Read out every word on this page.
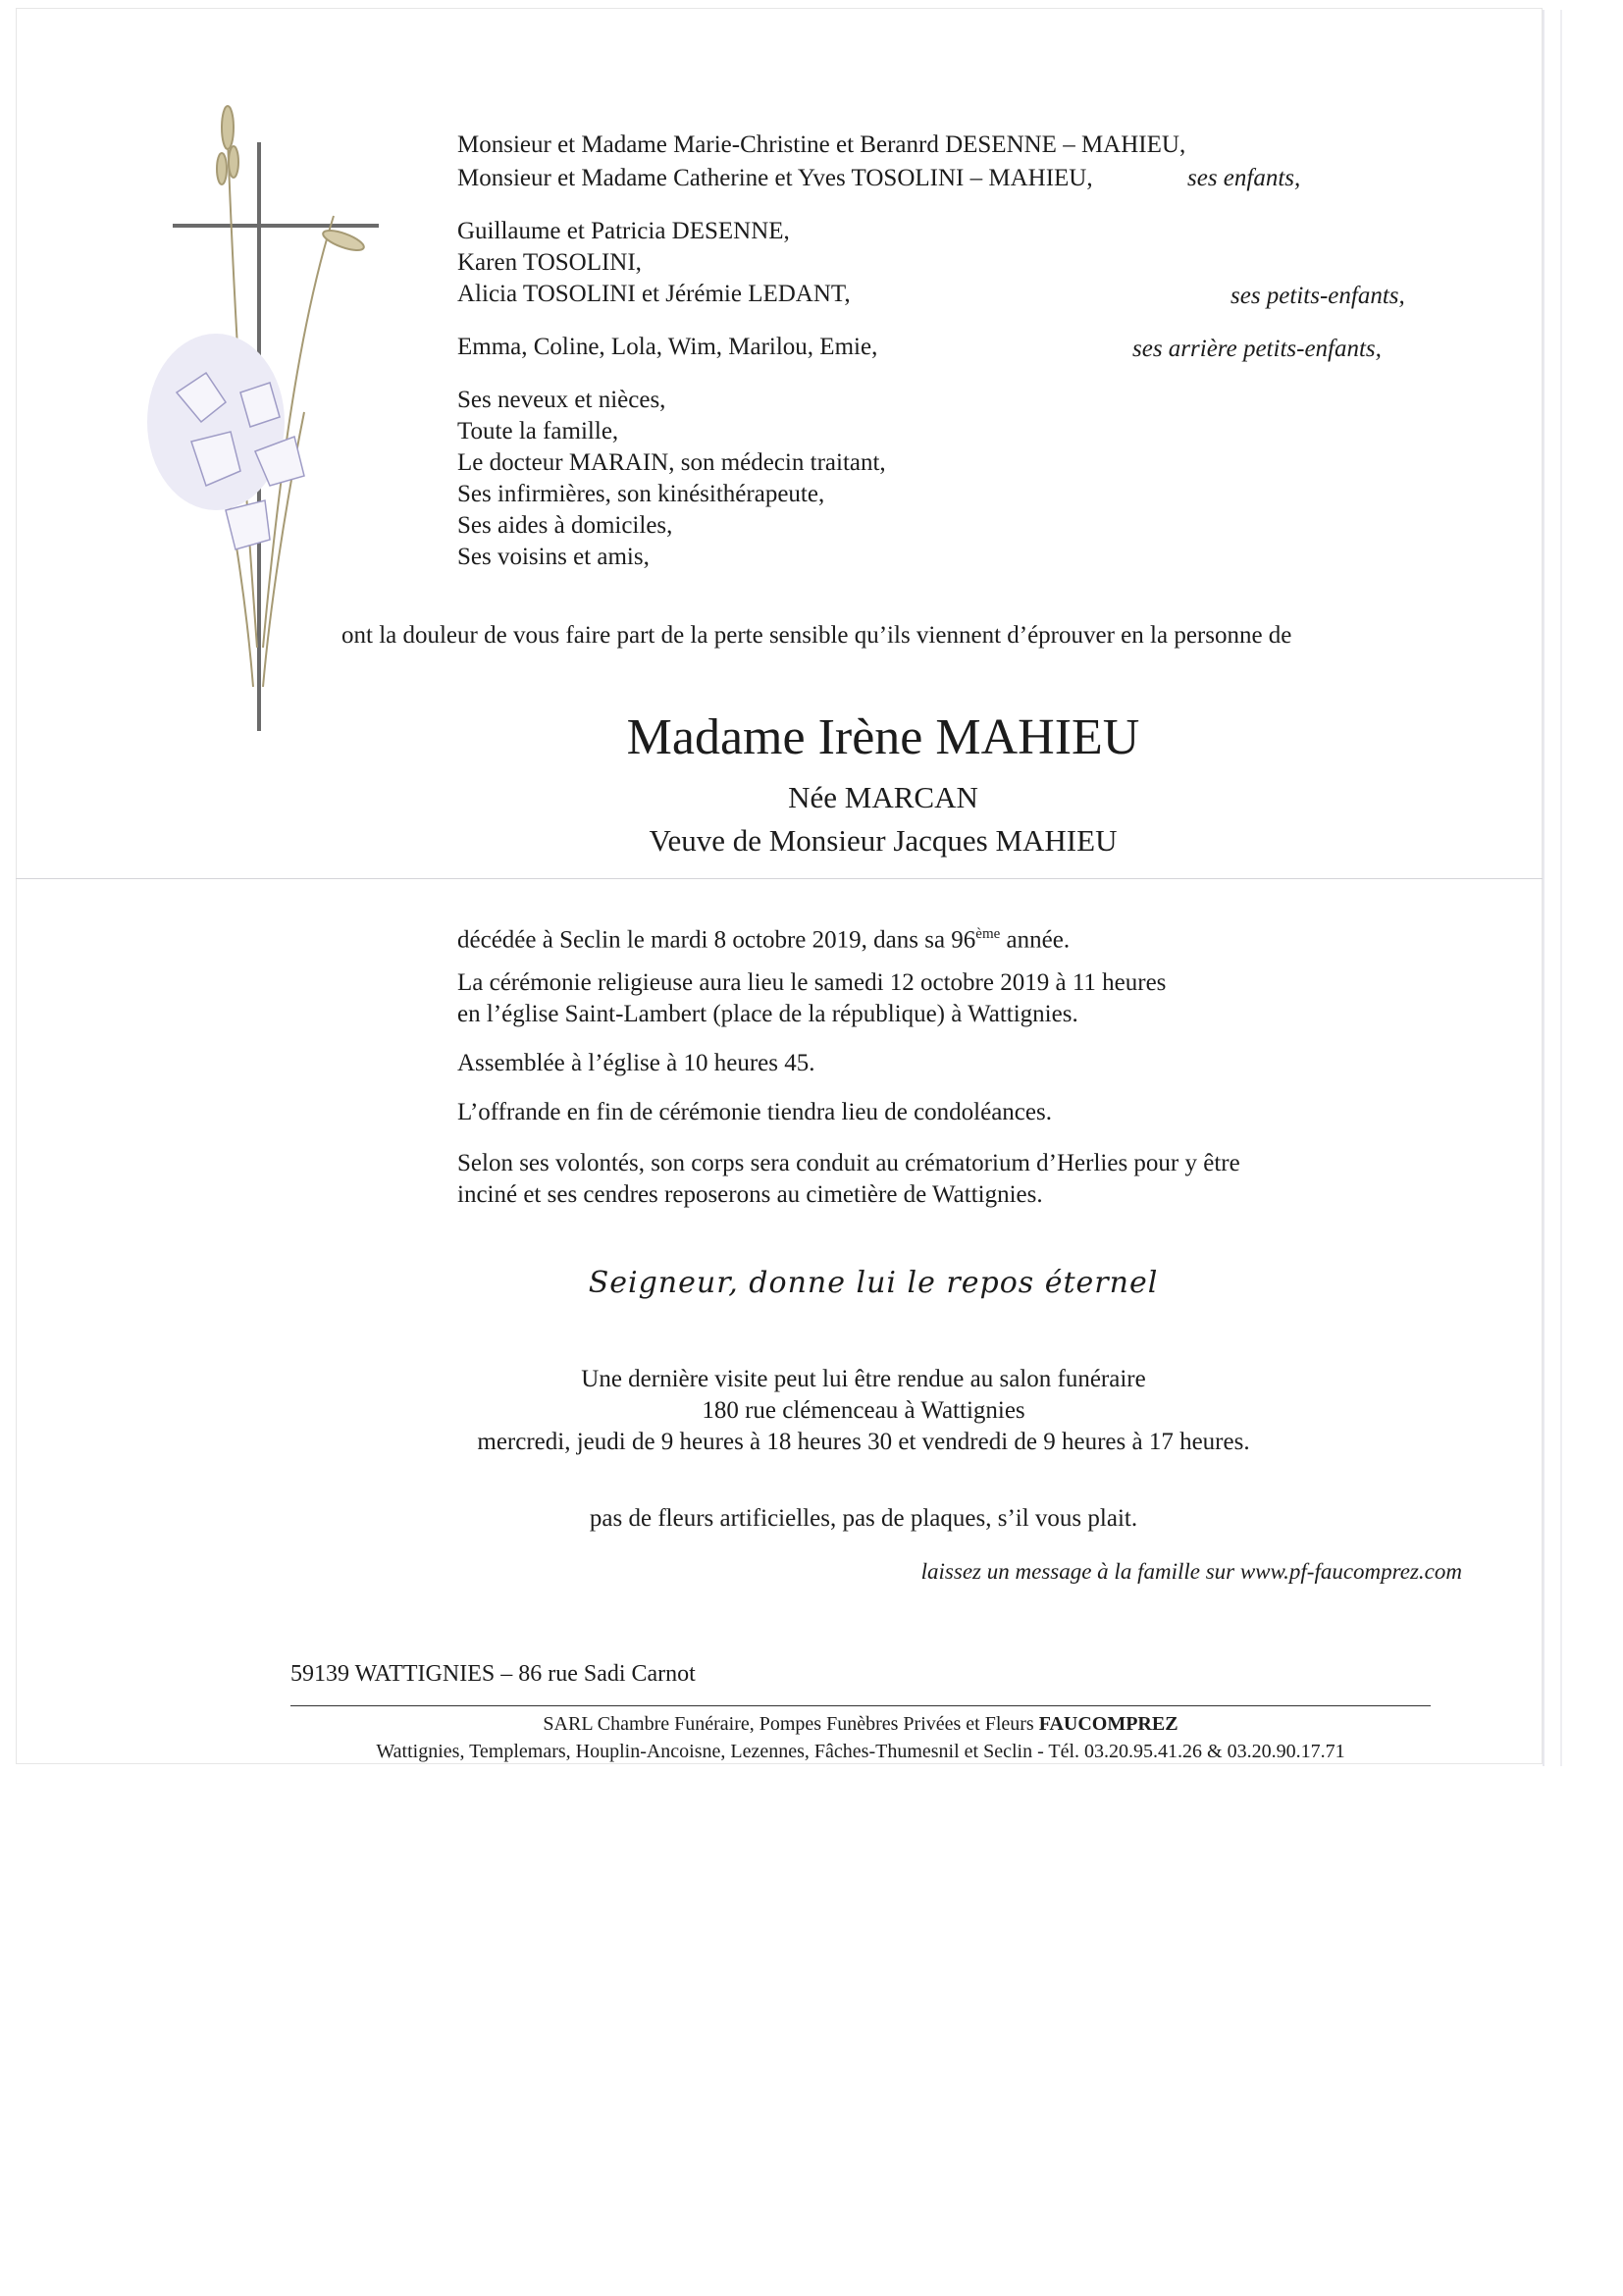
Monsieur et Madame Marie-Christine et Beranrd DESENNE – MAHIEU,
Monsieur et Madame Catherine et Yves TOSOLINI – MAHIEU,	ses enfants,
Guillaume et Patricia DESENNE,
Karen TOSOLINI,
Alicia TOSOLINI et Jérémie LEDANT,	ses petits-enfants,
Emma, Coline, Lola, Wim, Marilou, Emie,	ses arrière petits-enfants,
Ses neveux et nièces,
Toute la famille,
Le docteur MARAIN, son médecin traitant,
Ses infirmières, son kinésithérapeute,
Ses aides à domiciles,
Ses voisins et amis,
ont la douleur de vous faire part de la perte sensible qu’ils viennent d’éprouver en la personne de
Madame Irène MAHIEU
Née MARCAN
Veuve de Monsieur Jacques MAHIEU
décédée à Seclin le mardi 8 octobre 2019, dans sa 96ème année.
La cérémonie religieuse aura lieu le samedi 12 octobre 2019 à 11 heures
en l’église Saint-Lambert (place de la république) à Wattignies.
Assemblée à l’église à 10 heures 45.
L’offrande en fin de cérémonie tiendra lieu de condoléances.
Selon ses volontés, son corps sera conduit au crématorium d’Herlies pour y être
inciné et ses cendres reposerons au cimetière de Wattignies.
Seigneur, donne lui le repos éternel
Une dernière visite peut lui être rendue au salon funéraire
180 rue clémenceau à Wattignies
mercredi, jeudi de 9 heures à 18 heures 30 et vendredi de 9 heures à 17 heures.
pas de fleurs artificielles, pas de plaques, s’il vous plait.
laissez un message à la famille sur www.pf-faucomprez.com
59139 WATTIGNIES – 86 rue Sadi Carnot
SARL Chambre Funéraire, Pompes Funèbres Privées et Fleurs FAUCOMPREZ
Wattignies, Templemars, Houplin-Ancoisne, Lezennes, Fâches-Thumesnil et Seclin - Tél. 03.20.95.41.26 & 03.20.90.17.71
